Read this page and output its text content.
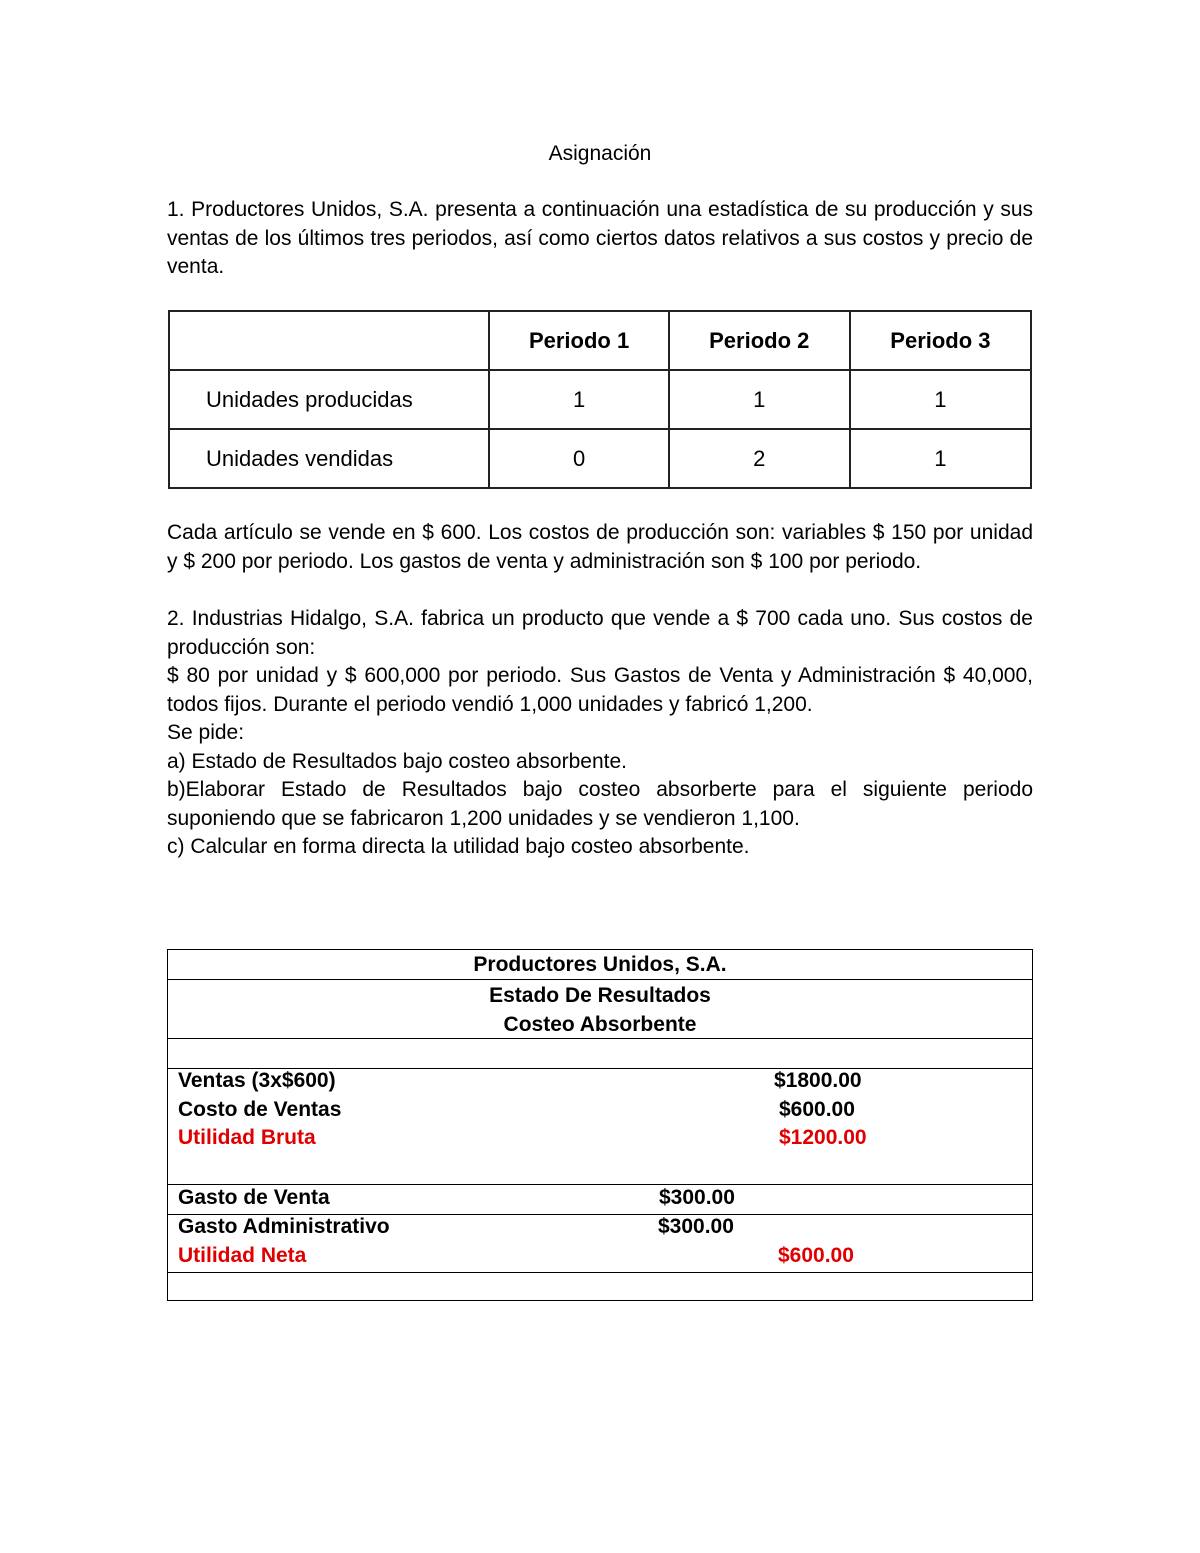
Asignación

1. Productores Unidos, S.A. presenta a continuación una estadística de su producción y sus ventas de los últimos tres periodos, así como ciertos datos relativos a sus costos y precio de venta.

	Periodo 1	Periodo 2	Periodo 3
Unidades producidas	1	1	1
Unidades vendidas	0	2	1

Cada artículo se vende en $ 600. Los costos de producción son: variables $ 150 por unidad y $ 200 por periodo. Los gastos de venta y administración son $ 100 por periodo.

2. Industrias Hidalgo, S.A. fabrica un producto que vende a $ 700 cada uno. Sus costos de producción son:

$ 80 por unidad y $ 600,000 por periodo. Sus Gastos de Venta y Administración $ 40,000, todos fijos. Durante el periodo vendió 1,000 unidades y fabricó 1,200.

Se pide:

a) Estado de Resultados bajo costeo absorbente.

b)Elaborar Estado de Resultados bajo costeo absorberte para el siguiente periodo suponiendo que se fabricaron 1,200 unidades y se vendieron 1,100.

c) Calcular en forma directa la utilidad bajo costeo absorbente.

Productores Unidos, S.A.
Estado De Resultados
Costeo Absorbente
Ventas (3x$600)	$1800.00
Costo de Ventas	$600.00
Utilidad Bruta	$1200.00
Gasto de Venta	$300.00
Gasto Administrativo	$300.00
Utilidad Neta	$600.00
